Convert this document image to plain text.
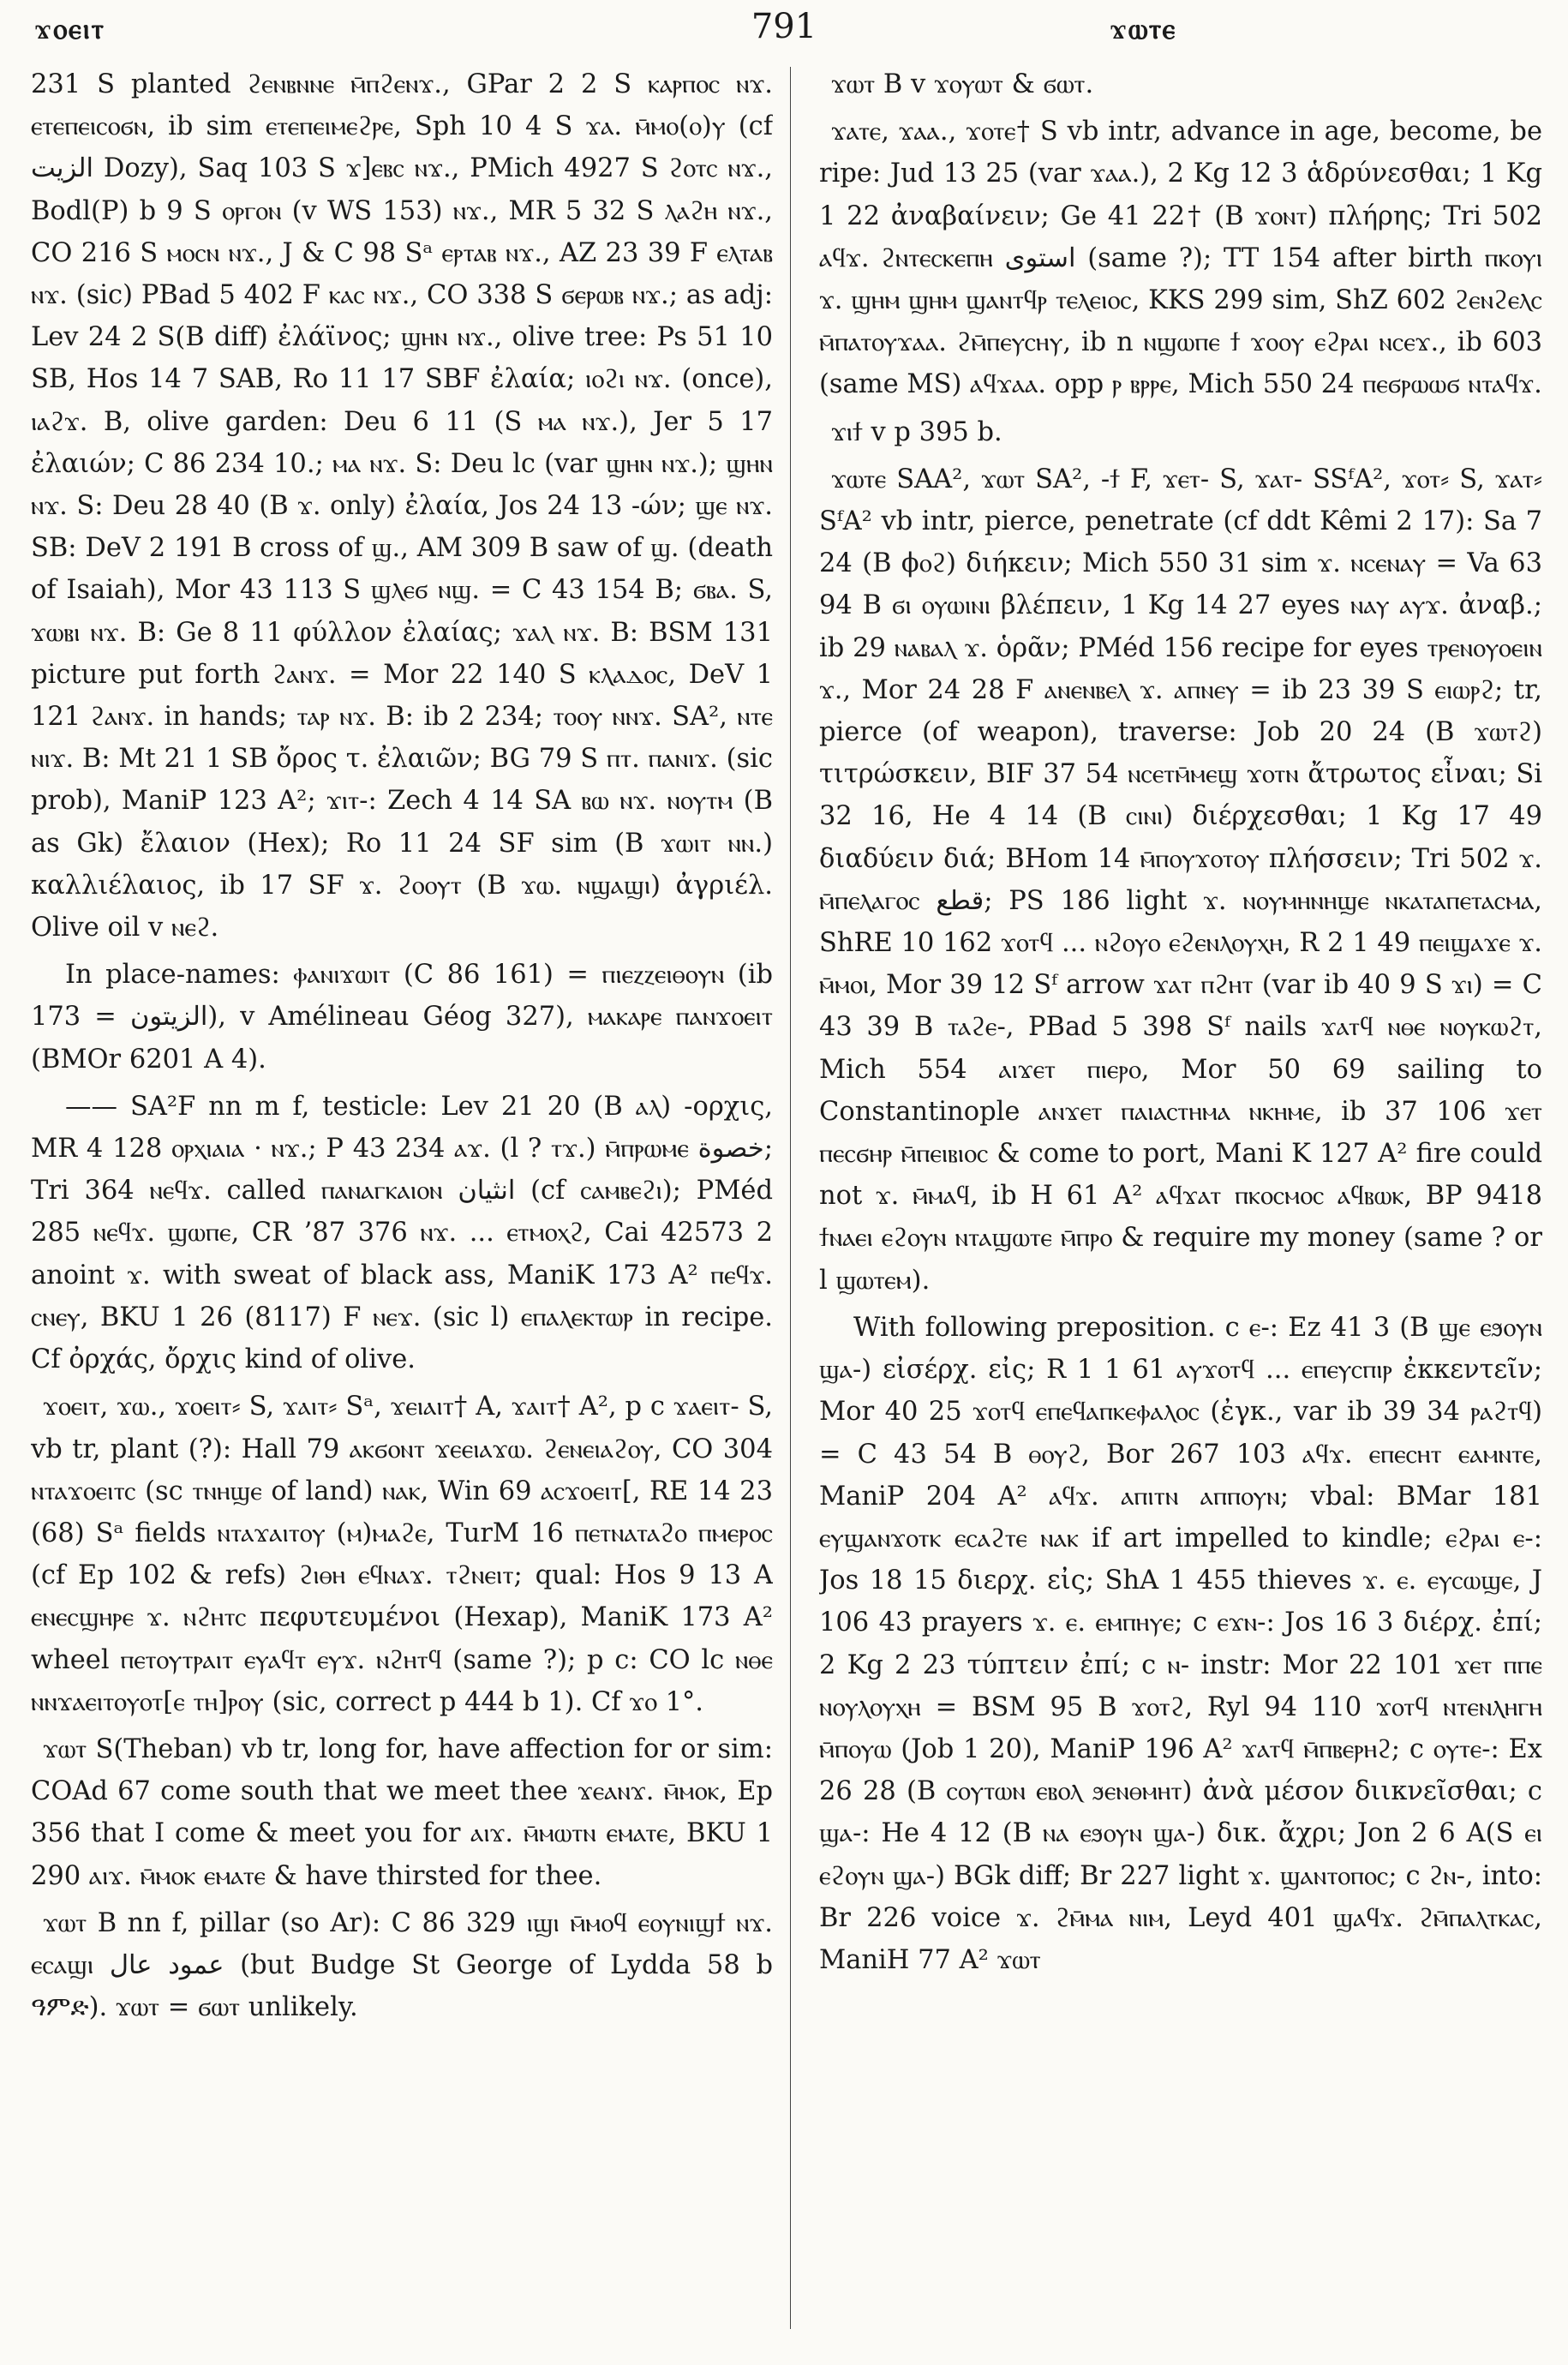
ϫⲟⲉⲓⲧ	791	ϫⲱⲧⲉ

231 S planted ϩⲉⲛⲃⲛⲛⲉ ⲙ̄ⲡϩⲉⲛϫ., GPar 2 2 S ⲕⲁⲣⲡⲟⲥ ⲛϫ. ⲉⲧⲉⲡⲉⲓⲥⲟϭⲛ, ib sim ⲉⲧⲉⲡⲉⲓⲙⲉϩⲣⲉ, Sph 10 4 S ϫⲁ. ⲙ̄ⲙⲟ(ⲟ)ⲩ (cf ﺍﻟﺰﻳﺖ Dozy), Saq 103 S ϫ]ⲉⲃⲥ ⲛϫ., PMich 4927 S ϩⲟⲧⲥ ⲛϫ., Bodl(P) b 9 S ⲟⲣⲅⲟⲛ (v WS 153) ⲛϫ., MR 5 32 S ⲗⲁϩⲏ ⲛϫ., CO 216 S ⲙⲟⲥⲛ ⲛϫ., J & C 98 Sᵃ ⲉⲣⲧⲁⲃ ⲛϫ., AZ 23 39 F ⲉⲗⲧⲁⲃ ⲛϫ. (sic) PBad 5 402 F ⲕⲁⲥ ⲛϫ., CO 338 S ϭⲉⲣⲱⲃ ⲛϫ.; as adj: Lev 24 2 S(B diff) ἐλάϊνος; ϣⲏⲛ ⲛϫ., olive tree: Ps 51 10 SB, Hos 14 7 SAB, Ro 11 17 SBF ἐλαία; ⲓⲟϩⲓ ⲛϫ. (once), ⲓⲁϩϫ. B, olive garden: Deu 6 11 (S ⲙⲁ ⲛϫ.), Jer 5 17 ἐλαιών; C 86 234 10.; ⲙⲁ ⲛϫ. S: Deu lc (var ϣⲏⲛ ⲛϫ.); ϣⲏⲛ ⲛϫ. S: Deu 28 40 (B ϫ. only) ἐλαία, Jos 24 13 -ών; ϣⲉ ⲛϫ. SB: DeV 2 191 B cross of ϣ., AM 309 B saw of ϣ. (death of Isaiah), Mor 43 113 S ϣⲗⲉϭ ⲛϣ. = C 43 154 B; ϭⲃⲁ. S, ϫⲱⲃⲓ ⲛϫ. B: Ge 8 11 φύλλον ἐλαίας; ϫⲁⲗ ⲛϫ. B: BSM 131 picture put forth ϩⲁⲛϫ. = Mor 22 140 S ⲕⲗⲁⲇⲟⲥ, DeV 1 121 ϩⲁⲛϫ. in hands; ⲧⲁⲣ ⲛϫ. B: ib 2 234; ⲧⲟⲟⲩ ⲛⲛϫ. SA², ⲛⲧⲉ ⲛⲓϫ. B: Mt 21 1 SB ὄρος τ. ἐλαιῶν; BG 79 S ⲡⲧ. ⲡⲁⲛⲓϫ. (sic prob), ManiP 123 A²; ϫⲓⲧ-: Zech 4 14 SA ⲃⲱ ⲛϫ. ⲛⲟⲩⲧⲙ (B as Gk) ἔλαιον (Hex); Ro 11 24 SF sim (B ϫⲱⲓⲧ ⲛⲛ.) καλλιέλαιος, ib 17 SF ϫ. ϩⲟⲟⲩⲧ (B ϫⲱ. ⲛϣⲁϣⲓ) ἀγριέλ. Olive oil v ⲛⲉϩ.

In place-names: ⲫⲁⲛⲓϫⲱⲓⲧ (C 86 161) = ⲡⲓⲉⲍⲍⲉⲓⲑⲟⲩⲛ (ib 173 = ﺍﻟﺰﻳﺘﻮﻥ), v Amélineau Géog 327), ⲙⲁⲕⲁⲣⲉ ⲡⲁⲛϫⲟⲉⲓⲧ (BMOr 6201 A 4).

—— SA²F nn m f, testicle: Lev 21 20 (B ⲁⲗ) -ορχις, MR 4 128 ⲟⲣⲭⲓⲁⲓⲁ · ⲛϫ.; P 43 234 ⲁϫ. (l ? ⲧϫ.) ⲙ̄ⲡⲣⲱⲙⲉ ﺧﺼﻮﺓ; Tri 364 ⲛⲉϥϫ. called ⲡⲁⲛⲁⲅⲕⲁⲓⲟⲛ ﺍﻧﺜﻴﺎﻥ (cf ⲥⲁⲙⲃⲉϩⲓ); PMéd 285 ⲛⲉϥϫ. ϣⲱⲡⲉ, CR ’87 376 ⲛϫ. ... ⲉⲧⲙⲟⲭϩ, Cai 42573 2 anoint ϫ. with sweat of black ass, ManiK 173 A² ⲡⲉϥϫ. ⲥⲛⲉⲩ, BKU 1 26 (8117) F ⲛⲉϫ. (sic l) ⲉⲡⲁⲗⲉⲕⲧⲱⲣ in recipe. Cf ὀρχάς, ὄρχις kind of olive.

ϫⲟⲉⲓⲧ, ϫⲱ., ϫⲟⲉⲓⲧ⸗ S, ϫⲁⲓⲧ⸗ Sᵃ, ϫⲉⲓⲁⲓⲧ† A, ϫⲁⲓⲧ† A², p c ϫⲁⲉⲓⲧ- S, vb tr, plant (?): Hall 79 ⲁⲕϭⲟⲛⲧ ϫⲉⲉⲓⲁϫⲱ. ϩⲉⲛⲉⲓⲁϩⲟⲩ, CO 304 ⲛⲧⲁϫⲟⲉⲓⲧⲥ (sc ⲧⲛⲏϣⲉ of land) ⲛⲁⲕ, Win 69 ⲁⲥϫⲟⲉⲓⲧ[, RE 14 23 (68) Sᵃ fields ⲛⲧⲁϫⲁⲓⲧⲟⲩ (ⲙ)ⲙⲁϩⲉ, TurM 16 ⲡⲉⲧⲛⲁⲧⲁϩⲟ ⲡⲙⲉⲣⲟⲥ (cf Ep 102 & refs) ϩⲓⲑⲏ ⲉϥⲛⲁϫ. ⲧϩⲛⲉⲓⲧ; qual: Hos 9 13 A ⲉⲛⲉⲥϣⲏⲣⲉ ϫ. ⲛϩⲏⲧⲥ πεφυτευμένοι (Hexap), ManiK 173 A² wheel ⲡⲉⲧⲟⲩⲧⲣⲁⲓⲧ ⲉⲩⲁϥⲧ ⲉⲩϫ. ⲛϩⲏⲧϥ (same ?); p c: CO lc ⲛⲑⲉ ⲛⲛϫⲁⲉⲓⲧⲟⲩⲟⲧ[ⲉ ⲧⲏ]ⲣⲟⲩ (sic, correct p 444 b 1). Cf ϫⲟ 1°.

ϫⲱⲧ S(Theban) vb tr, long for, have affection for or sim: COAd 67 come south that we meet thee ϫⲉⲁⲛϫ. ⲙ̄ⲙⲟⲕ, Ep 356 that I come & meet you for ⲁⲓϫ. ⲙ̄ⲙⲱⲧⲛ ⲉⲙⲁⲧⲉ, BKU 1 290 ⲁⲓϫ. ⲙ̄ⲙⲟⲕ ⲉⲙⲁⲧⲉ & have thirsted for thee.

ϫⲱⲧ B nn f, pillar (so Ar): C 86 329 ⲓϣⲓ ⲙ̄ⲙⲟϥ ⲉⲟⲩⲛⲓϣϯ ⲛϫ. ⲉⲥⲁϣⲓ ﻋﻤﻮﺩ ﻋﺎﻝ (but Budge St George of Lydda 58 b ዓምድ). ϫⲱⲧ = ϭⲱⲧ unlikely.

ϫⲱⲧ B v ϫⲟⲩⲱⲧ & ϭⲱⲧ.

ϫⲁⲧⲉ, ϫⲁⲁ., ϫⲟⲧⲉ† S vb intr, advance in age, become, be ripe: Jud 13 25 (var ϫⲁⲁ.), 2 Kg 12 3 ἁδρύνεσθαι; 1 Kg 1 22 ἀναβαίνειν; Ge 41 22† (B ϫⲟⲛⲧ) πλήρης; Tri 502 ⲁϥϫ. ϩⲛⲧⲉⲥⲕⲉⲡⲏ ﺍﺳﺘﻮﻯ (same ?); TT 154 after birth ⲡⲕⲟⲩⲓ ϫ. ϣⲏⲙ ϣⲏⲙ ϣⲁⲛⲧϥⲣ ⲧⲉⲗⲉⲓⲟⲥ, KKS 299 sim, ShZ 602 ϩⲉⲛϩⲉⲗⲥ ⲙ̄ⲡⲁⲧⲟⲩϫⲁⲁ. ϩⲙ̄ⲡⲉⲩⲥⲏⲩ, ib n ⲛϣⲱⲡⲉ ϯ ϫⲟⲟⲩ ⲉϩⲣⲁⲓ ⲛⲥⲉϫ., ib 603 (same MS) ⲁϥϫⲁⲁ. opp ⲣ ⲃⲣⲣⲉ, Mich 550 24 ⲡⲉϭⲣⲱⲱϭ ⲛⲧⲁϥϫ.

ϫⲓϯ v p 395 b.

ϫⲱⲧⲉ SAA², ϫⲱⲧ SA², -ϯ F, ϫⲉⲧ- S, ϫⲁⲧ- SSᶠA², ϫⲟⲧ⸗ S, ϫⲁⲧ⸗ SᶠA² vb intr, pierce, penetrate (cf ddt Kêmi 2 17): Sa 7 24 (B ϕⲟϩ) διήκειν; Mich 550 31 sim ϫ. ⲛⲥⲉⲛⲁⲩ = Va 63 94 B ϭⲓ ⲟⲩⲱⲓⲛⲓ βλέπειν, 1 Kg 14 27 eyes ⲛⲁⲩ ⲁⲩϫ. ἀναβ.; ib 29 ⲛⲁⲃⲁⲗ ϫ. ὁρᾶν; PMéd 156 recipe for eyes ⲧⲣⲉⲛⲟⲩⲟⲉⲓⲛ ϫ., Mor 24 28 F ⲁⲛⲉⲛⲃⲉⲗ ϫ. ⲁⲡⲛⲉⲩ = ib 23 39 S ⲉⲓⲱⲣϩ; tr, pierce (of weapon), traverse: Job 20 24 (B ϫⲱⲧϩ) τιτρώσκειν, BIF 37 54 ⲛⲥⲉⲧⲙ̄ⲙⲉϣ ϫⲟⲧⲛ ἄτρωτος εἶναι; Si 32 16, He 4 14 (B ⲥⲓⲛⲓ) διέρχεσθαι; 1 Kg 17 49 διαδύειν διά; BHom 14 ⲙ̄ⲡⲟⲩϫⲟⲧⲟⲩ πλήσσειν; Tri 502 ϫ. ⲙ̄ⲡⲉⲗⲁⲅⲟⲥ ﻗﻄﻊ; PS 186 light ϫ. ⲛⲟⲩⲙⲏⲛⲏϣⲉ ⲛⲕⲁⲧⲁⲡⲉⲧⲁⲥⲙⲁ, ShRE 10 162 ϫⲟⲧϥ ... ⲛϩⲟⲩⲟ ⲉϩⲉⲛⲗⲟⲩⲭⲏ, R 2 1 49 ⲡⲉⲓϣⲁϫⲉ ϫ. ⲙ̄ⲙⲟⲓ, Mor 39 12 Sᶠ arrow ϫⲁⲧ ⲡϩⲏⲧ (var ib 40 9 S ϫⲓ) = C 43 39 B ⲧⲁϩⲉ-, PBad 5 398 Sᶠ nails ϫⲁⲧϥ ⲛⲑⲉ ⲛⲟⲩⲕⲱϩⲧ, Mich 554 ⲁⲓϫⲉⲧ ⲡⲓⲉⲣⲟ, Mor 50 69 sailing to Constantinople ⲁⲛϫⲉⲧ ⲡⲁⲓⲁⲥⲧⲏⲙⲁ ⲛⲕⲏⲙⲉ, ib 37 106 ϫⲉⲧ ⲡⲉⲥϭⲏⲣ ⲙ̄ⲡⲉⲓⲃⲓⲟⲥ & come to port, Mani K 127 A² fire could not ϫ. ⲙ̄ⲙⲁϥ, ib H 61 A² ⲁϥϫⲁⲧ ⲡⲕⲟⲥⲙⲟⲥ ⲁϥⲃⲱⲕ, BP 9418 ϯⲛⲁⲉⲓ ⲉϩⲟⲩⲛ ⲛⲧⲁϣⲱⲧⲉ ⲙ̄ⲡⲣⲟ & require my money (same ? or l ϣⲱⲧⲉⲙ).

With following preposition. c ⲉ-: Ez 41 3 (B ϣⲉ ⲉϧⲟⲩⲛ ϣⲁ-) εἰσέρχ. εἰς; R 1 1 61 ⲁⲩϫⲟⲧϥ ... ⲉⲡⲉⲩⲥⲡⲓⲣ ἐκκεντεῖν; Mor 40 25 ϫⲟⲧϥ ⲉⲡⲉϥⲁⲡⲕⲉⲫⲁⲗⲟⲥ (ἐγκ., var ib 39 34 ⲣⲁϩⲧϥ) = C 43 54 B ⲑⲟⲩϩ, Bor 267 103 ⲁϥϫ. ⲉⲡⲉⲥⲏⲧ ⲉⲁⲙⲛⲧⲉ, ManiP 204 A² ⲁϥϫ. ⲁⲡⲓⲧⲛ ⲁⲡⲡⲟⲩⲛ; vbal: BMar 181 ⲉⲩϣⲁⲛϫⲟⲧⲕ ⲉⲥⲁϩⲧⲉ ⲛⲁⲕ if art impelled to kindle; ⲉϩⲣⲁⲓ ⲉ-: Jos 18 15 διερχ. εἰς; ShA 1 455 thieves ϫ. ⲉ. ⲉⲩⲥⲱϣⲉ, J 106 43 prayers ϫ. ⲉ. ⲉⲙⲡⲏⲩⲉ; c ⲉϫⲛ-: Jos 16 3 διέρχ. ἐπί; 2 Kg 2 23 τύπτειν ἐπί; c ⲛ- instr: Mor 22 101 ϫⲉⲧ ⲡⲡⲉ ⲛⲟⲩⲗⲟⲩⲭⲏ = BSM 95 B ϫⲟⲧϩ, Ryl 94 110 ϫⲟⲧϥ ⲛⲧⲉⲛⲗⲏⲅⲏ ⲙ̄ⲡⲟⲩⲱ (Job 1 20), ManiP 196 A² ϫⲁⲧϥ ⲙ̄ⲡⲃⲉⲣⲏϩ; c ⲟⲩⲧⲉ-: Ex 26 28 (B ⲥⲟⲩⲧⲱⲛ ⲉⲃⲟⲗ ϧⲉⲛⲑⲙⲏⲧ) ἀνὰ μέσον διικνεῖσθαι; c ϣⲁ-: He 4 12 (B ⲛⲁ ⲉϧⲟⲩⲛ ϣⲁ-) δικ. ἄχρι; Jon 2 6 A(S ⲉⲓ ⲉϩⲟⲩⲛ ϣⲁ-) BGk diff; Br 227 light ϫ. ϣⲁⲛⲧⲟⲡⲟⲥ; c ϩⲛ-, into: Br 226 voice ϫ. ϩⲙ̄ⲙⲁ ⲛⲓⲙ, Leyd 401 ϣⲁϥϫ. ϩⲙ̄ⲡⲁⲗⲧⲕⲁⲥ, ManiH 77 A² ϫⲱⲧ
